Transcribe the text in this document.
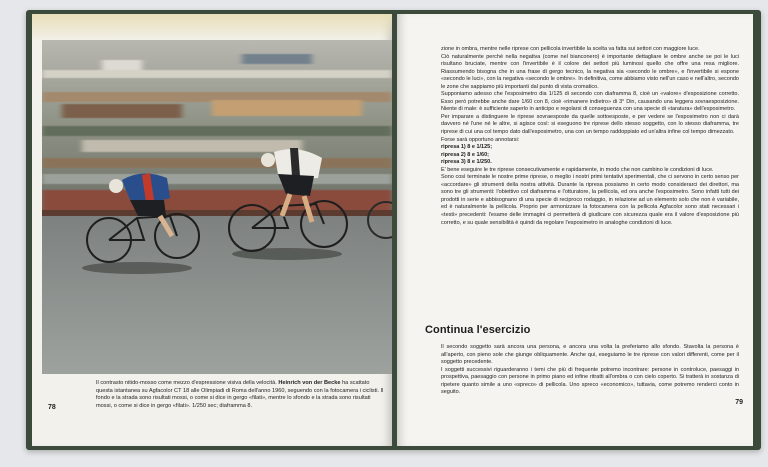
Il contrasto nitido-mosso come mezzo d'espressione visiva della velocità. Heinrich von der Becke ha scattato questa istantanea su Agfacolor CT 18 alle Olimpiadi di Roma dell'anno 1960, seguendo con la fotocamera i ciclisti. Il fondo e la strada sono risultati mossi, o come si dice in gergo «filati», mentre lo sfondo e la strada sono risultati mossi, o come si dice in gergo «filati». 1/250 sec; diaframma 8.
78

zione in ombra, mentre nelle riprese con pellicola invertibile la scelta va fatta sui settori con maggiore luce.

Ciò naturalmente perché nella negativa (come nel bianconero) è importante dettagliare le ombre anche se poi le luci risultano bruciate, mentre con l'invertibile è il colore dei settori più luminosi quello che offre una resa migliore. Riassumendo bisogna che in una frase di gergo tecnico, la negativa sia «secondo le ombre», e l'invertibile si espone «secondo le luci», con la negativa «secondo le ombre». In definitiva, come abbiamo visto nell'un caso e nell'altro, secondo le zone che sappiamo più importanti dal punto di vista cromatico.

Supponiamo adesso che l'esposimetro dia 1/125 di secondo con diaframma 8, cioè un «valore» d'esposizione corretto. Esso però potrebbe anche dare 1/60 con 8, cioè «rimanere indietro» di 3° Din, causando una leggera sovraesposizione. Niente di male: è sufficiente saperlo in anticipo e regolarsi di conseguenza con una specie di «taratura» dell'esposimetro.

Per imparare a distinguere le riprese sovraesposte da quelle sottoesposte, e per vedere se l'esposimetro non ci darà davvero né l'une né le altre, si agisce così: si eseguono tre riprese dello stesso soggetto, con lo stesso diaframma, tre riprese di cui una col tempo dato dall'esposimetro, una con un tempo raddoppiato ed un'altra infine col tempo dimezzato.

Forse sarà opportuno annotarsi:

ripresa 1) 8 e 1/125;

ripresa 2) 8 e 1/60;

ripresa 3) 8 e 1/250.

E' bene eseguire le tre riprese consecutivamente e rapidamente, in modo che non cambino le condizioni di luce.

Sono così terminate le nostre prime riprese, o meglio i nostri primi tentativi sperimentali, che ci servono in certo senso per «accordare» gli strumenti della nostra attività. Durante la ripresa possiamo in certo modo considerarci dei direttori, ma sono tre gli strumenti: l'obiettivo col diaframma e l'otturatore, la pellicola, ed ora anche l'esposimetro. Sono infatti tutti dei prodotti in serie e abbisognano di una specie di reciproco rodaggio, in relazione ad un elemento solo che non è variabile, ed è naturalmente la pellicola. Proprio per armonizzare la fotocamera con la pellicola Agfacolor sono stati necessari i «testi» precedenti: l'esame delle immagini ci permetterà di giudicare con sicurezza quale era il valore d'esposizione più corretto, e su quale sensibilità è quindi da regolare l'esposimetro in analoghe condizioni di luce.

Continua l'esercizio

Il secondo soggetto sarà ancora una persona, e ancora una volta la preferiamo allo sfondo. Stavolta la persona è all'aperto, con pieno sole che giunge obliquamente. Anche qui, eseguiamo le tre riprese con valori differenti, come per il soggetto precedente.

I soggetti successivi riguarderanno i temi che più di frequente potremo incontrare: persone in controluce, paesaggi in prospettiva, paesaggio con persone in primo piano ed infine ritratti all'ombra o con cielo coperto. Si tratterà in sostanza di ripetere quanto simile a uno «spreco» di pellicola. Uno spreco «economico», tuttavia, come potremo renderci conto in seguito.

79
